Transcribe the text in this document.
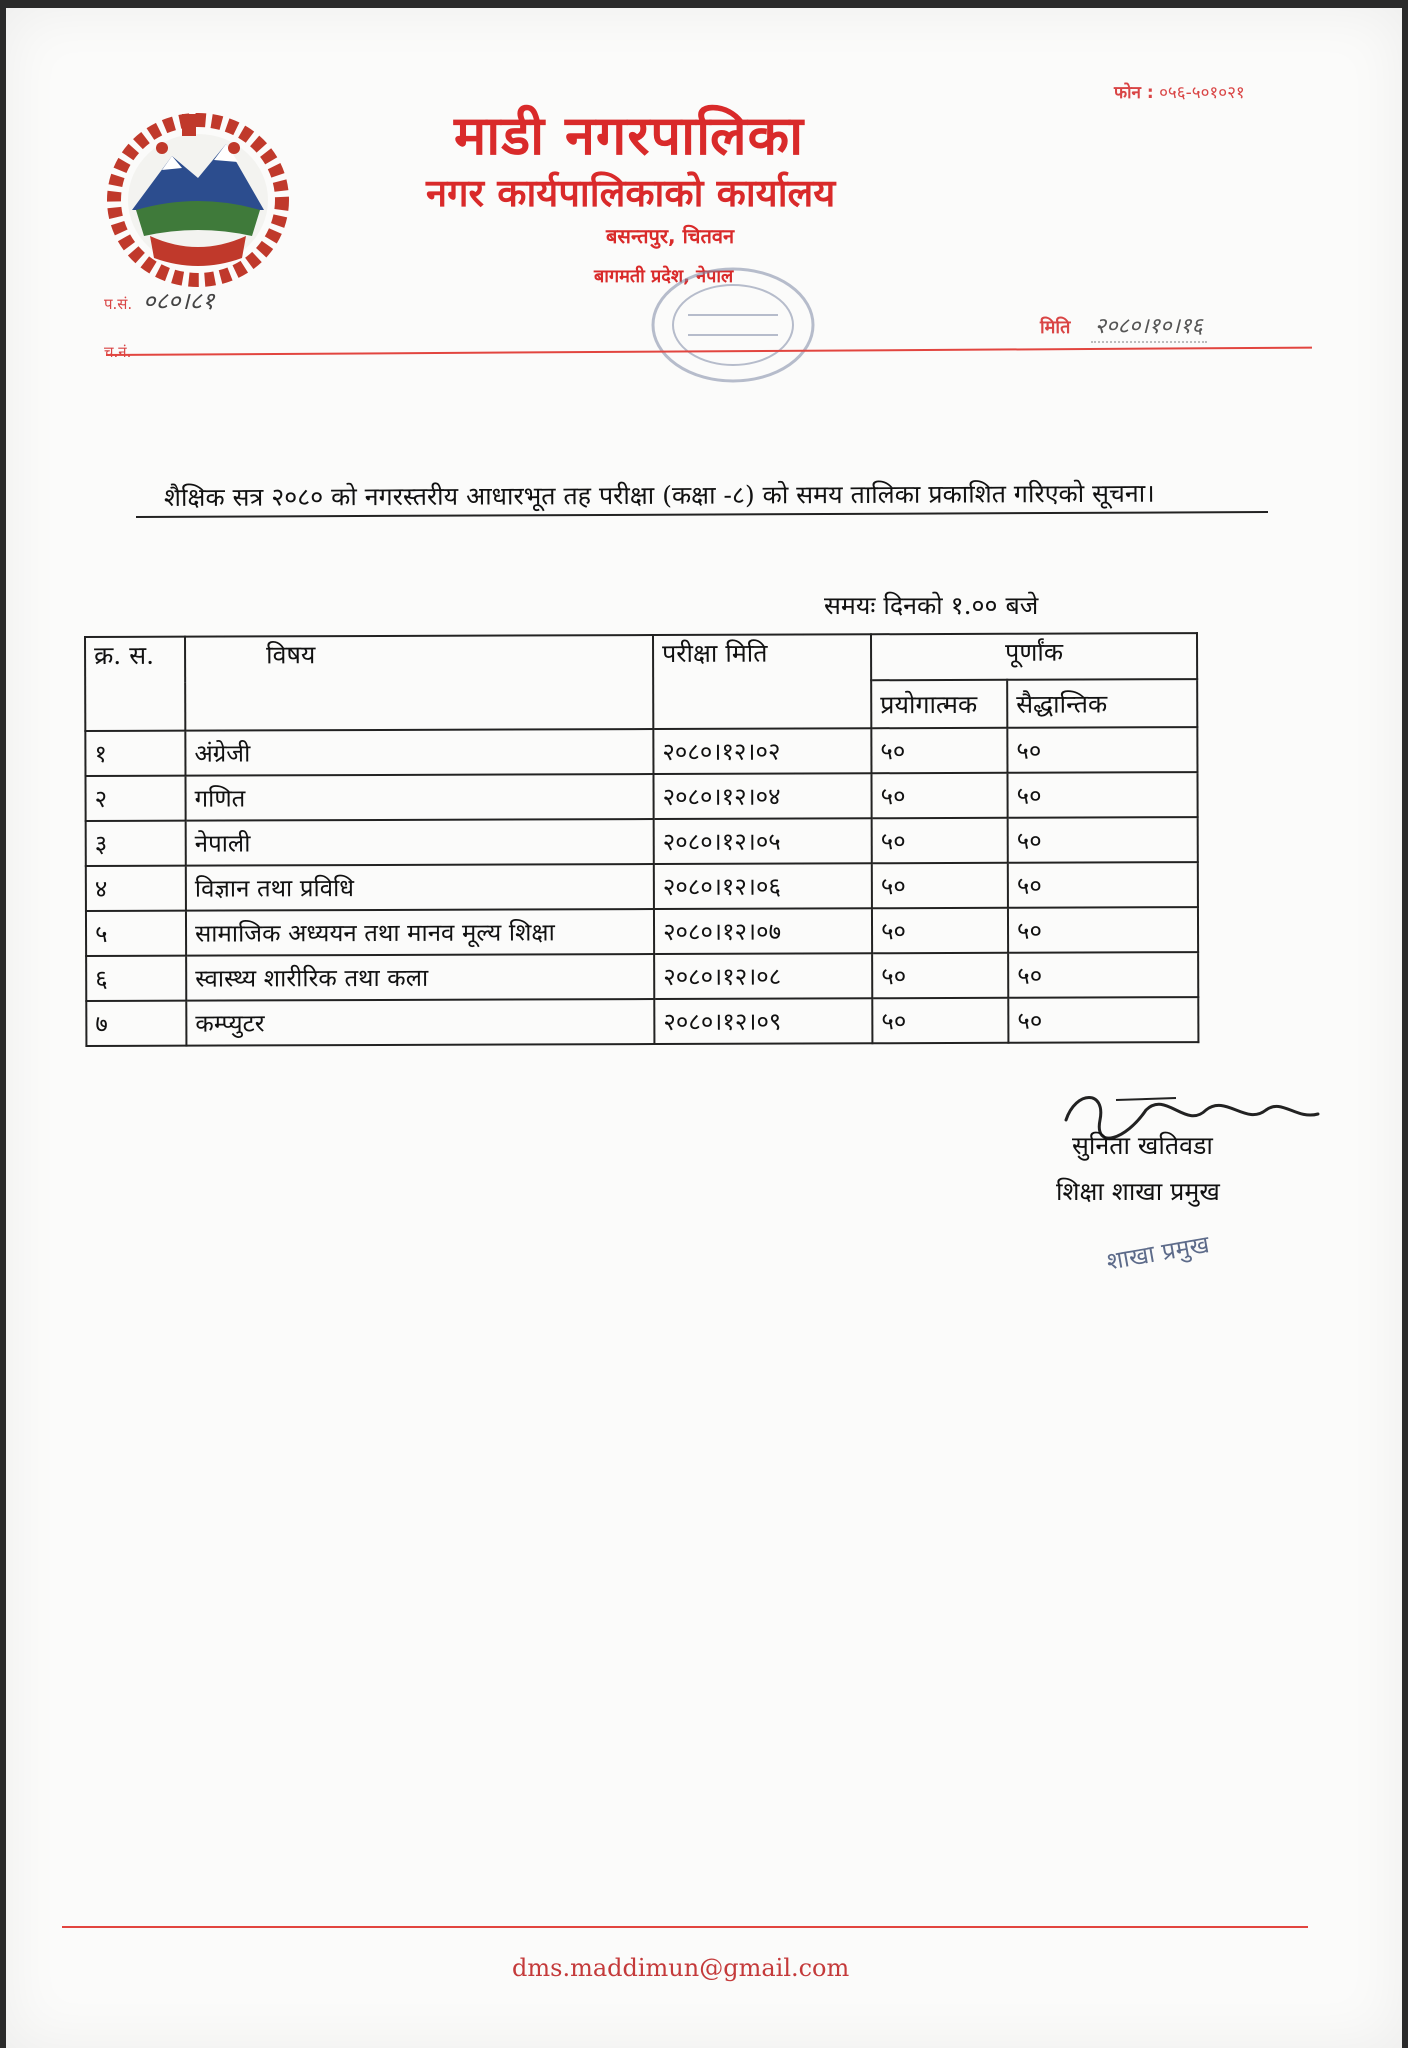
माडी नगरपालिका
नगर कार्यपालिकाको कार्यालय
बसन्तपुर, चितवन
बागमती प्रदेश, नेपाल
फोन : ०५६-५०१०२१
प.सं. ०८०।८१
च.नं.
मिति २०८०।१०।१६
शैक्षिक सत्र २०८० को नगरस्तरीय आधारभूत तह परीक्षा (कक्षा -८) को समय तालिका प्रकाशित गरिएको सूचना।
समयः दिनको १.०० बजे
क्र. स.	विषय	परीक्षा मिति	पूर्णांक	
			प्रयोगात्मक	सैद्धान्तिक
१	अंग्रेजी	२०८०।१२।०२	५०	५०
२	गणित	२०८०।१२।०४	५०	५०
३	नेपाली	२०८०।१२।०५	५०	५०
४	विज्ञान तथा प्रविधि	२०८०।१२।०६	५०	५०
५	सामाजिक अध्ययन तथा मानव मूल्य शिक्षा	२०८०।१२।०७	५०	५०
६	स्वास्थ्य शारीरिक तथा कला	२०८०।१२।०८	५०	५०
७	कम्प्युटर	२०८०।१२।०९	५०	५०
सुनिता खतिवडा
शिक्षा शाखा प्रमुख
शाखा प्रमुख
dms.maddimun@gmail.com
